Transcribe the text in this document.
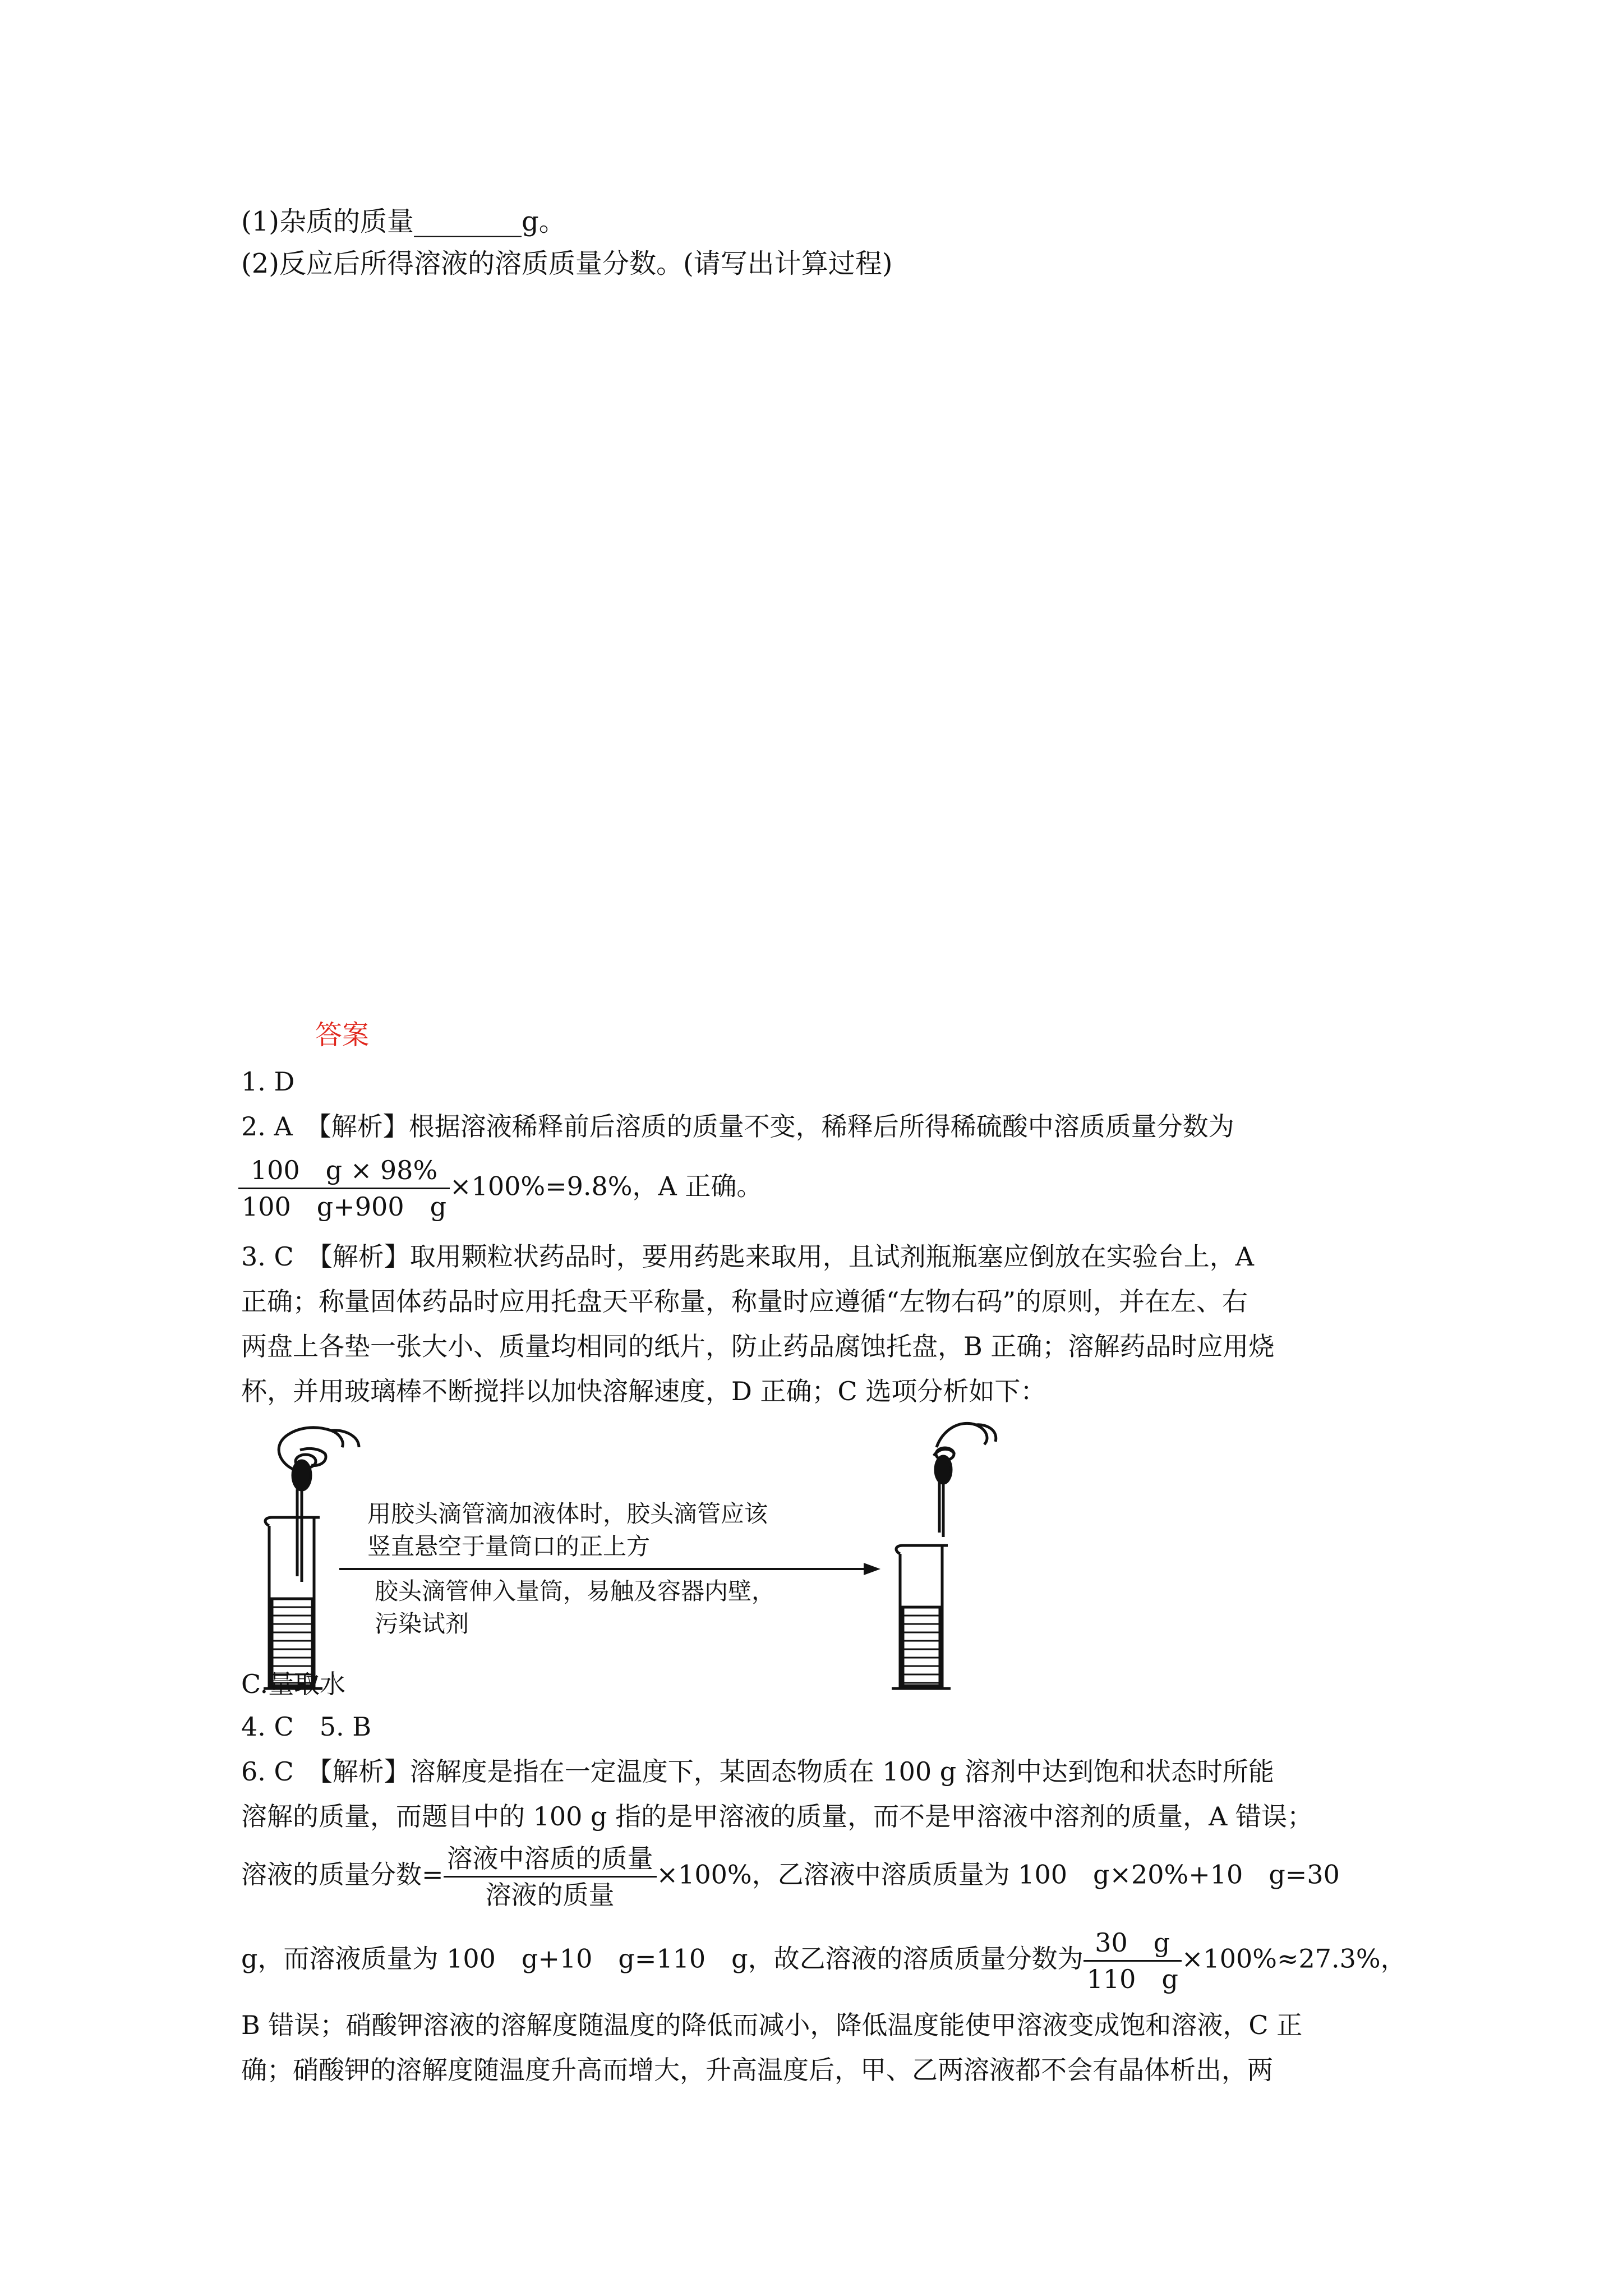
(1)杂质的质量________g。
(2)反应后所得溶液的溶质质量分数。(请写出计算过程)
答案
1. D
2. A　【解析】根据溶液稀释前后溶质的质量不变，稀释后所得稀硫酸中溶质质量分数为
$\frac{100 g \times 98\%}{100 g+900 g} \times 100\%=9.8\%$，A 正确。
3. C　【解析】取用颗粒状药品时，要用药匙来取用，且试剂瓶瓶塞应倒放在实验台上，A
正确；称量固体药品时应用托盘天平称量，称量时应遵循“左物右码”的原则，并在左、右
两盘上各垫一张大小、质量均相同的纸片，防止药品腐蚀托盘，B 正确；溶解药品时应用烧
杯，并用玻璃棒不断搅拌以加快溶解速度，D 正确；C 选项分析如下：
用胶头滴管滴加液体时，胶头滴管应该
竖直悬空于量筒口的正上方
胶头滴管伸入量筒，易触及容器内壁，
污染试剂
C.量取水
4. C　5. B
6. C　【解析】溶解度是指在一定温度下，某固态物质在 100 g 溶剂中达到饱和状态时所能
溶解的质量，而题目中的 100 g 指的是甲溶液的质量，而不是甲溶液中溶剂的质量，A 错误；
溶液的质量分数= $\frac{\text{溶液中溶质的质量}}{\text{溶液的质量}} \times 100\%$，乙溶液中溶质质量为 100　g×20%+10　g=30
g，而溶液质量为 100　g+10　g=110　g，故乙溶液的溶质质量分数为 $\frac{30 g}{110 g} \times 100\%\approx 27.3\%$，
B 错误；硝酸钾溶液的溶解度随温度的降低而减小，降低温度能使甲溶液变成饱和溶液，C 正
确；硝酸钾的溶解度随温度升高而增大，升高温度后，甲、乙两溶液都不会有晶体析出，两
